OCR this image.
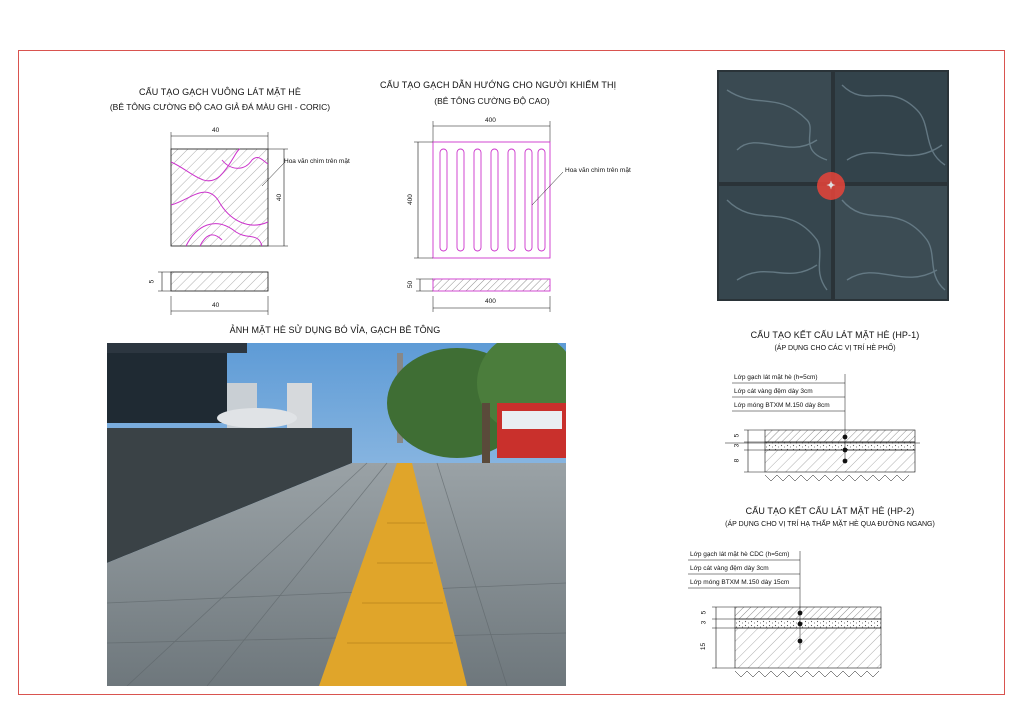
CẤU TẠO GẠCH VUÔNG LÁT MẶT HÈ
(BÊ TÔNG CƯỜNG ĐỘ CAO GIẢ ĐÁ MÀU GHI - CORIC)
40
40
5
40
Hoa văn chìm trên mặt
CẤU TẠO GẠCH DẪN HƯỚNG CHO NGƯỜI KHIẾM THỊ
(BÊ TÔNG CƯỜNG ĐỘ CAO)
400
400
50
400
Hoa văn chìm trên mặt
✦
ẢNH MẶT HÈ SỬ DỤNG BÓ VỈA, GẠCH BÊ TÔNG	CẤU TẠO KẾT CẤU LÁT MẶT HÈ (HP-1)
(ÁP DỤNG CHO CÁC VỊ TRÍ HÈ PHỐ)
Lớp gạch lát mặt hè (h=5cm)
Lớp cát vàng đệm dày 3cm
Lớp móng BTXM M.150 dày 8cm
5
3
8
CẤU TẠO KẾT CẤU LÁT MẶT HÈ (HP-2)
(ÁP DỤNG CHO VỊ TRÍ HẠ THẤP MẶT HÈ QUA ĐƯỜNG NGANG)
Lớp gạch lát mặt hè CDC (h=5cm)
Lớp cát vàng đệm dày 3cm
Lớp móng BTXM M.150 dày 15cm
5
3
15
